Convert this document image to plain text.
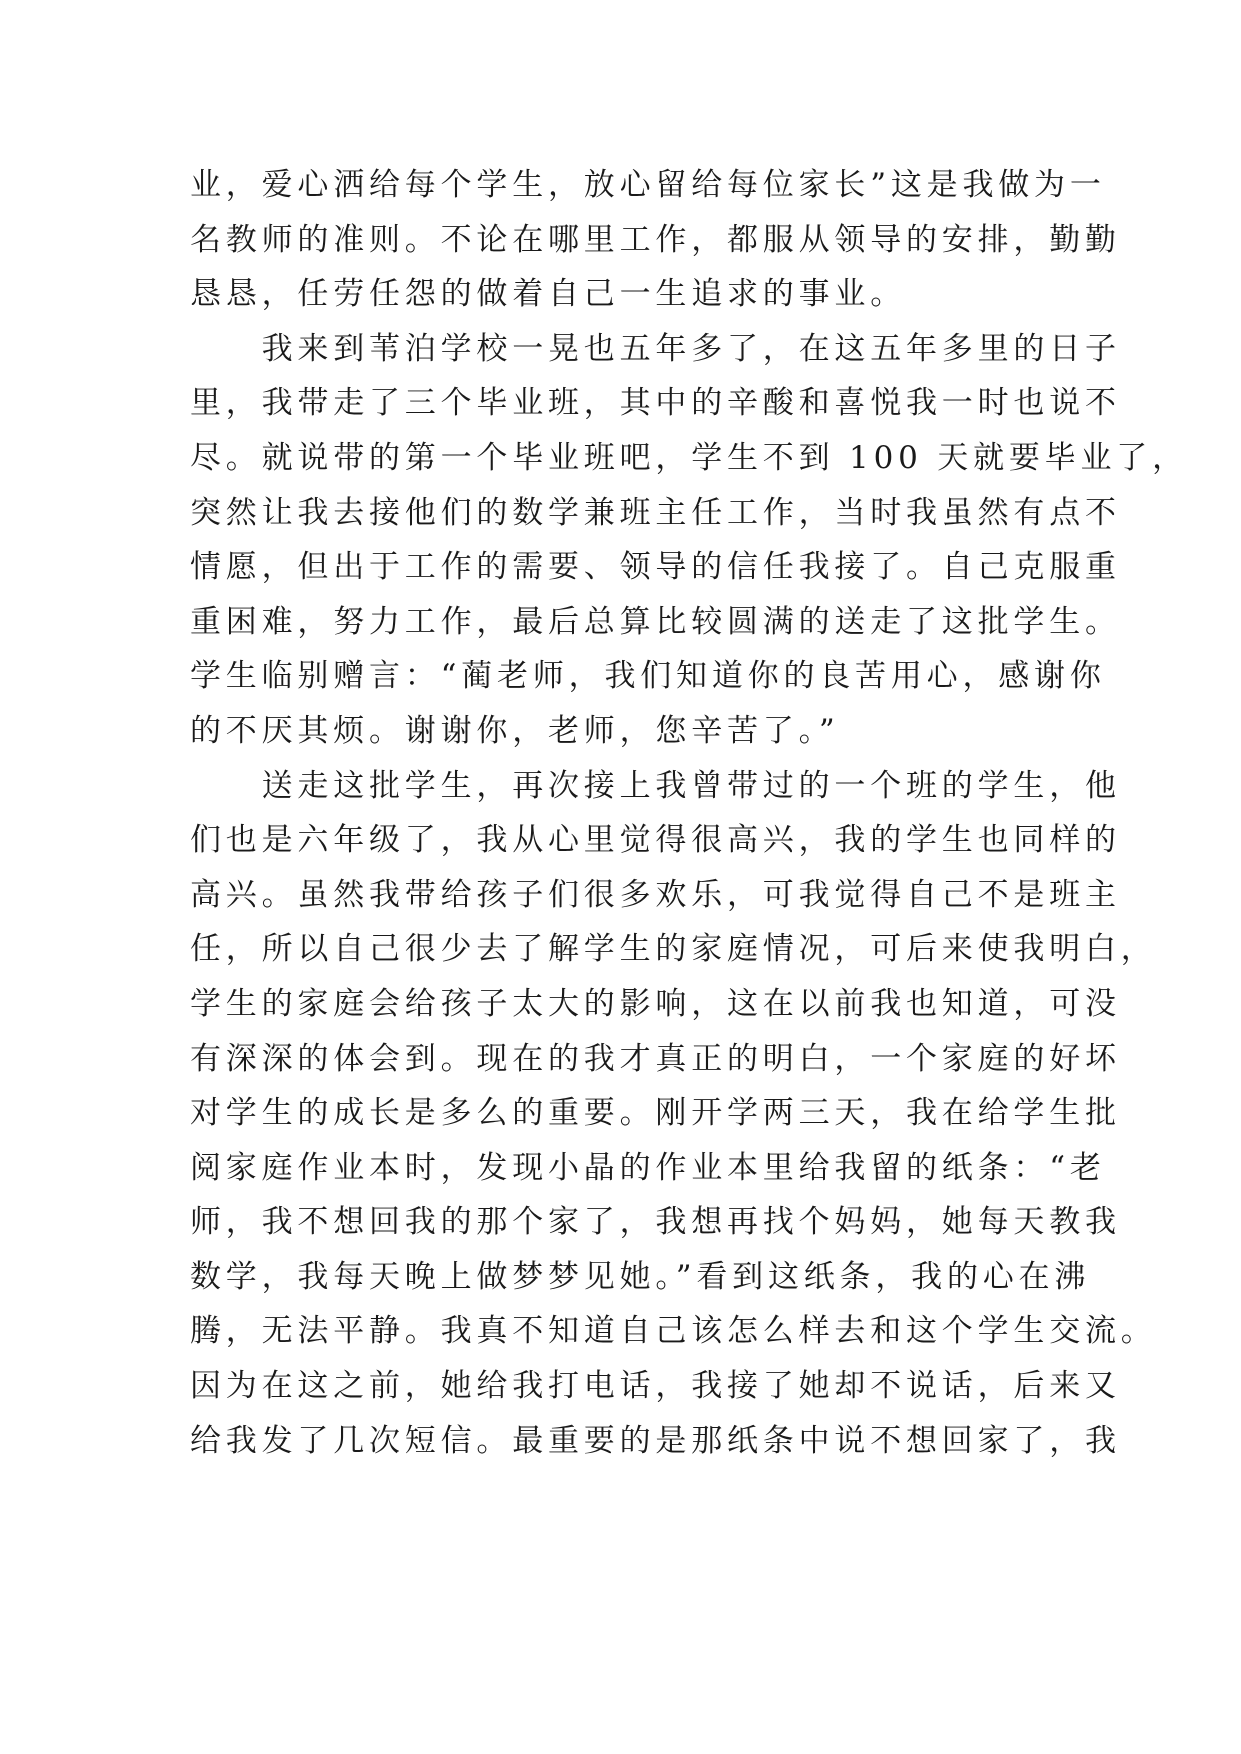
业，爱心洒给每个学生，放心留给每位家长”这是我做为一
名教师的准则。不论在哪里工作，都服从领导的安排，勤勤
恳恳，任劳任怨的做着自己一生追求的事业。
　　我来到苇泊学校一晃也五年多了，在这五年多里的日子
里，我带走了三个毕业班，其中的辛酸和喜悦我一时也说不
尽。就说带的第一个毕业班吧，学生不到 100 天就要毕业了，
突然让我去接他们的数学兼班主任工作，当时我虽然有点不
情愿，但出于工作的需要、领导的信任我接了。自己克服重
重困难，努力工作，最后总算比较圆满的送走了这批学生。
学生临别赠言：“蔺老师，我们知道你的良苦用心，感谢你
的不厌其烦。谢谢你，老师，您辛苦了。”
　　送走这批学生，再次接上我曾带过的一个班的学生，他
们也是六年级了，我从心里觉得很高兴，我的学生也同样的
高兴。虽然我带给孩子们很多欢乐，可我觉得自己不是班主
任，所以自己很少去了解学生的家庭情况，可后来使我明白，
学生的家庭会给孩子太大的影响，这在以前我也知道，可没
有深深的体会到。现在的我才真正的明白，一个家庭的好坏
对学生的成长是多么的重要。刚开学两三天，我在给学生批
阅家庭作业本时，发现小晶的作业本里给我留的纸条：“老
师，我不想回我的那个家了，我想再找个妈妈，她每天教我
数学，我每天晚上做梦梦见她。”看到这纸条，我的心在沸
腾，无法平静。我真不知道自己该怎么样去和这个学生交流。
因为在这之前，她给我打电话，我接了她却不说话，后来又
给我发了几次短信。最重要的是那纸条中说不想回家了，我
